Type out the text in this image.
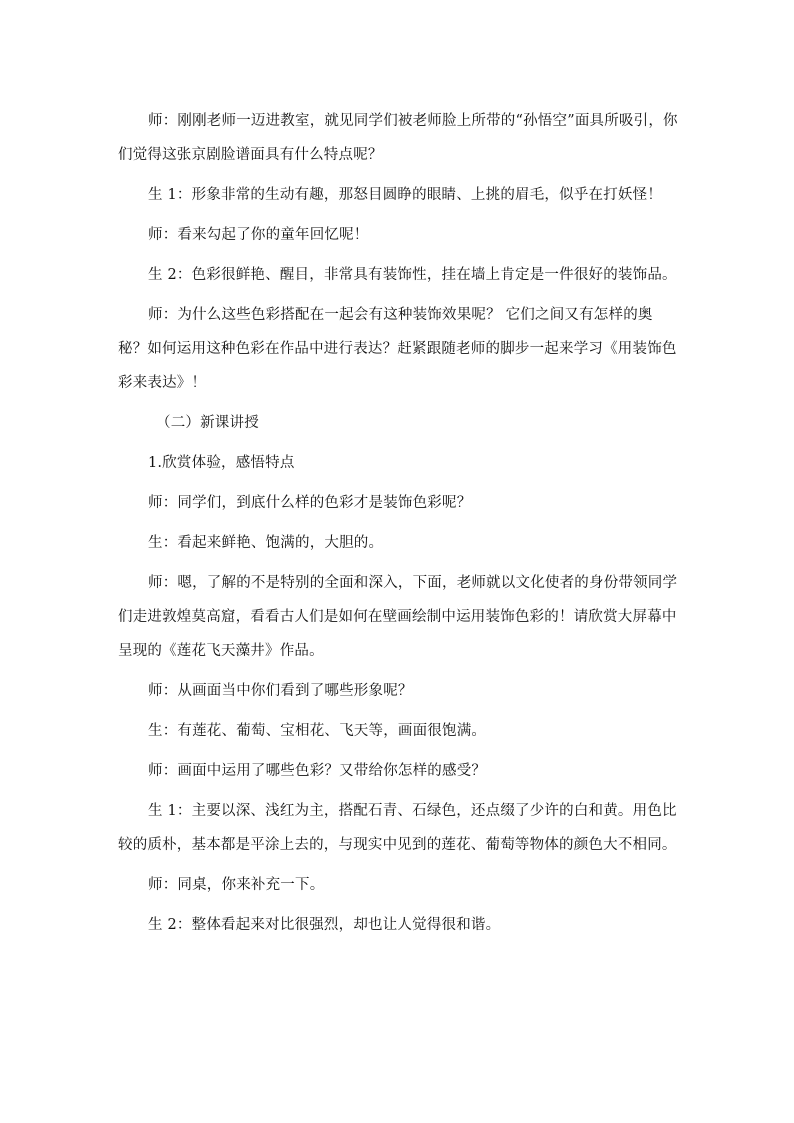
师：刚刚老师一迈进教室，就见同学们被老师脸上所带的“孙悟空”面具所吸引，你们觉得这张京剧脸谱面具有什么特点呢？

生 1：形象非常的生动有趣，那怒目圆睁的眼睛、上挑的眉毛，似乎在打妖怪！

师：看来勾起了你的童年回忆呢！

生 2：色彩很鲜艳、醒目，非常具有装饰性，挂在墙上肯定是一件很好的装饰品。

师：为什么这些色彩搭配在一起会有这种装饰效果呢？ 它们之间又有怎样的奥秘？如何运用这种色彩在作品中进行表达？赶紧跟随老师的脚步一起来学习《用装饰色彩来表达》！

（二）新课讲授

1.欣赏体验，感悟特点

师：同学们，到底什么样的色彩才是装饰色彩呢？

生：看起来鲜艳、饱满的，大胆的。

师：嗯，了解的不是特别的全面和深入，下面，老师就以文化使者的身份带领同学们走进敦煌莫高窟，看看古人们是如何在壁画绘制中运用装饰色彩的！请欣赏大屏幕中呈现的《莲花飞天藻井》作品。

师：从画面当中你们看到了哪些形象呢？

生：有莲花、葡萄、宝相花、飞天等，画面很饱满。

师：画面中运用了哪些色彩？又带给你怎样的感受？

生 1：主要以深、浅红为主，搭配石青、石绿色，还点缀了少许的白和黄。用色比较的质朴，基本都是平涂上去的，与现实中见到的莲花、葡萄等物体的颜色大不相同。

师：同桌，你来补充一下。

生 2：整体看起来对比很强烈，却也让人觉得很和谐。
